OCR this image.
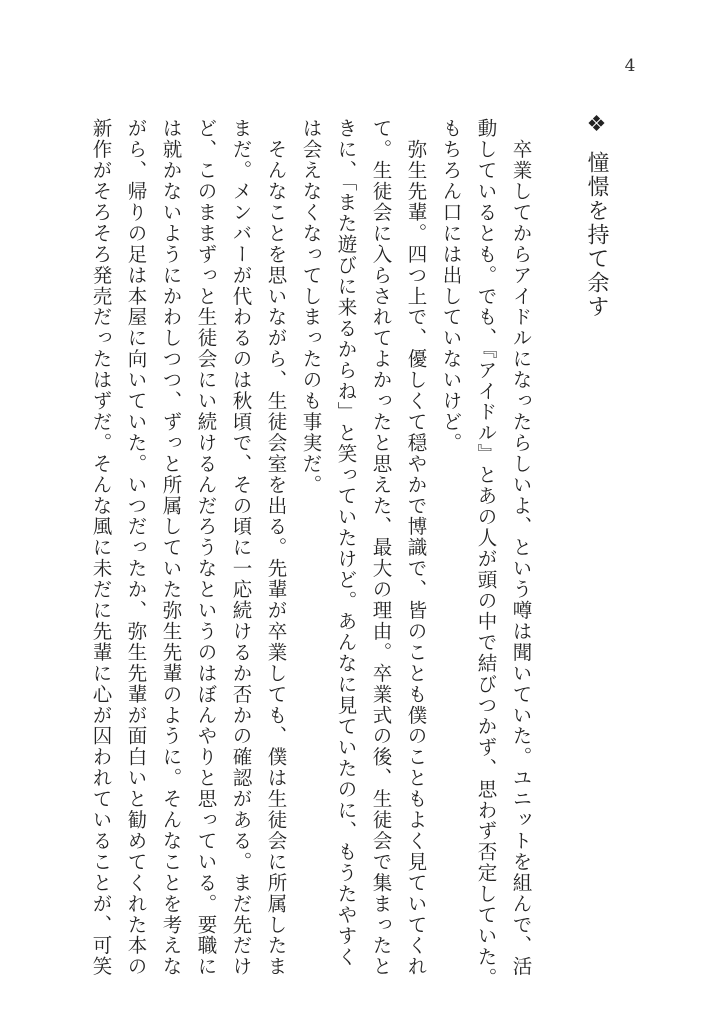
4
❖憧憬を持て余す
　卒業してからアイドルになったらしいよ、という噂は聞いていた。ユニットを組んで、活
動しているとも。でも、『アイドル』とあの人が頭の中で結びつかず、思わず否定していた。
もちろん口には出していないけど。
　弥生先輩。四つ上で、優しくて穏やかで博識で、皆のことも僕のこともよく見ていてくれ
て。生徒会に入らされてよかったと思えた、最大の理由。卒業式の後、生徒会で集まったと
きに、「また遊びに来るからね」と笑っていたけど。あんなに見ていたのに、もうたやすく
は会えなくなってしまったのも事実だ。
　そんなことを思いながら、生徒会室を出る。先輩が卒業しても、僕は生徒会に所属したま
まだ。メンバーが代わるのは秋頃で、その頃に一応続けるか否かの確認がある。まだ先だけ
ど、このままずっと生徒会にい続けるんだろうなというのはぼんやりと思っている。要職に
は就かないようにかわしつつ、ずっと所属していた弥生先輩のように。そんなことを考えな
がら、帰りの足は本屋に向いていた。いつだったか、弥生先輩が面白いと勧めてくれた本の
新作がそろそろ発売だったはずだ。そんな風に未だに先輩に心が囚われていることが、可笑
